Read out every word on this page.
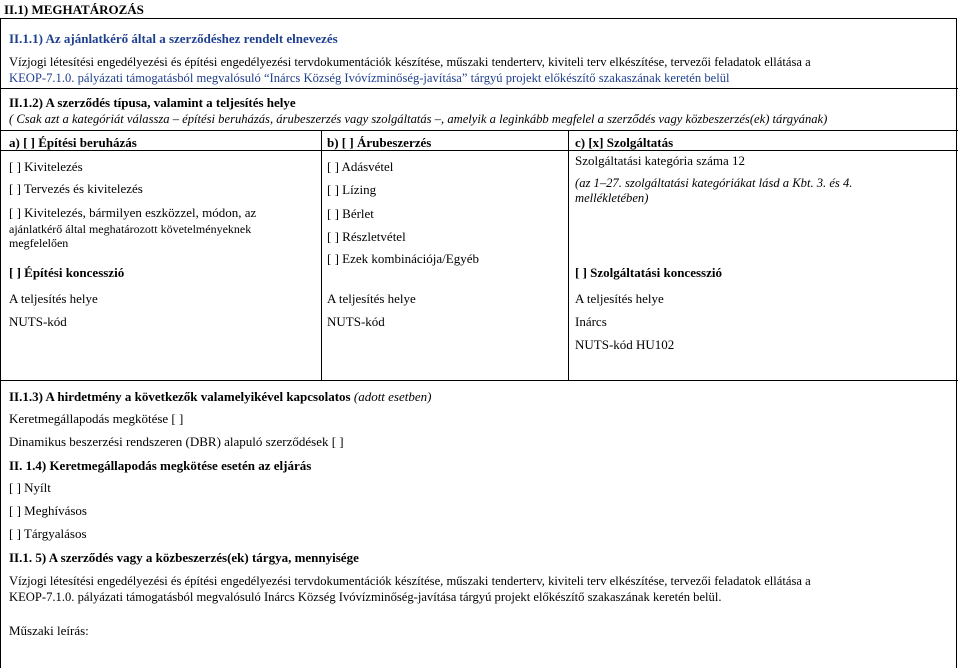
II.1) MEGHATÁROZÁS
II.1.1) Az ajánlatkérő által a szerződéshez rendelt elnevezés
Vízjogi létesítési engedélyezési és építési engedélyezési tervdokumentációk készítése, műszaki tenderterv, kiviteli terv elkészítése, tervezői feladatok ellátása a
KEOP-7.1.0. pályázati támogatásból megvalósuló “Inárcs Község Ivóvízminőség-javítása” tárgyú projekt előkészítő szakaszának keretén belül
II.1.2) A szerződés típusa, valamint a teljesítés helye
( Csak azt a kategóriát válassza – építési beruházás, árubeszerzés vagy szolgáltatás –, amelyik a leginkább megfelel a szerződés vagy közbeszerzés(ek) tárgyának)
a) [ ] Építési beruházás	b) [ ] Árubeszerzés	c) [x] Szolgáltatás
[ ] Kivitelezés
[ ] Tervezés és kivitelezés
[ ] Kivitelezés, bármilyen eszközzel, módon, az
ajánlatkérő által meghatározott követelményeknek
megfelelően
[ ] Építési koncesszió
A teljesítés helye
NUTS-kód
[ ] Adásvétel
[ ] Lízing
[ ] Bérlet
[ ] Részletvétel
[ ] Ezek kombinációja/Egyéb
A teljesítés helye
NUTS-kód
Szolgáltatási kategória száma 12
(az 1–27. szolgáltatási kategóriákat lásd a Kbt. 3. és 4.
mellékletében)
[ ] Szolgáltatási koncesszió
A teljesítés helye
Inárcs
NUTS-kód HU102
II.1.3) A hirdetmény a következők valamelyikével kapcsolatos (adott esetben)
Keretmegállapodás megkötése [ ]
Dinamikus beszerzési rendszeren (DBR) alapuló szerződések [ ]
II. 1.4) Keretmegállapodás megkötése esetén az eljárás
[ ] Nyílt
[ ] Meghívásos
[ ] Tárgyalásos
II.1. 5) A szerződés vagy a közbeszerzés(ek) tárgya, mennyisége
Vízjogi létesítési engedélyezési és építési engedélyezési tervdokumentációk készítése, műszaki tenderterv, kiviteli terv elkészítése, tervezői feladatok ellátása a
KEOP-7.1.0. pályázati támogatásból megvalósuló Inárcs Község Ivóvízminőség-javítása tárgyú projekt előkészítő szakaszának keretén belül.
Műszaki leírás:
